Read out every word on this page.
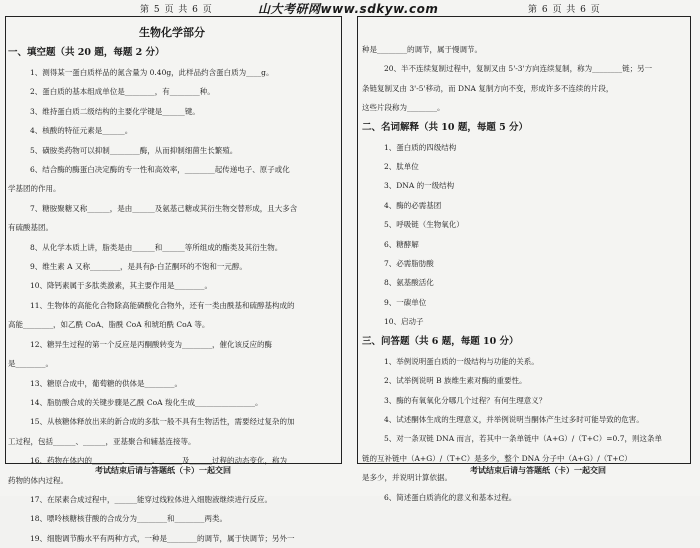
第 5 页 共 6 页	山大考研网www.sdkyw.com	第 6 页 共 6 页
生物化学部分
一、填空题（共 20 题，每题 2 分）
1、测得某一蛋白质样品的氮含量为 0.40g，此样品约含蛋白质为____g。
2、蛋白质的基本组成单位是________，有________种。
3、维持蛋白质二级结构的主要化学键是______键。
4、核酸的特征元素是______。
5、磺胺类药物可以抑制________酶，从而抑制细菌生长繁殖。
6、结合酶的酶蛋白决定酶的专一性和高效率，________起传递电子、原子或化
学基团的作用。
7、糖胺聚糖又称______，是由______及氨基己糖或其衍生物交替形成，且大多含
有硫酸基团。
8、从化学本质上讲，脂类是由______和______等所组成的酯类及其衍生物。
9、维生素 A 又称________，是具有β-白芷酮环的不饱和一元醇。
10、降钙素属于多肽类激素，其主要作用是________。
11、生物体的高能化合物除高能磷酸化合物外，还有一类由酰基和硫醇基构成的
高能________，如乙酰 CoA、脂酰 CoA 和琥珀酰 CoA 等。
12、糖异生过程的第一个反应是丙酮酸转变为________，催化该反应的酶
是________。
13、糖原合成中，葡萄糖的供体是________。
14、脂肪酸合成的关键步骤是乙酰 CoA 羧化生成________________。
15、从核糖体释放出来的新合成的多肽一般不具有生物活性，需要经过复杂的加
工过程，包括______、______，亚基聚合和辅基连接等。
16、药物在体内的________、______、______及______过程的动态变化，称为
药物的体内过程。
17、在尿素合成过程中，______能穿过线粒体进入细胞液继续进行反应。
18、嘌呤核糖核苷酸的合成分为________和________两类。
19、细胞调节酶水平有两种方式，一种是________的调节，属于快调节；另外一
种是________的调节，属于慢调节。
20、半不连续复制过程中，复制叉由 5'-3'方向连续复制，称为________链；另一
条链复制叉由 3'-5'移动，而 DNA 复制方向不变，形成许多不连续的片段，
这些片段称为________。
二、名词解释（共 10 题，每题 5 分）
1、蛋白质的四级结构
2、肽单位
3、DNA 的一级结构
4、酶的必需基团
5、呼吸链（生物氧化）
6、糖酵解
7、必需脂肪酸
8、氨基酸活化
9、一碳单位
10、启动子
三、问答题（共 6 题，每题 10 分）
1、举例说明蛋白质的一级结构与功能的关系。
2、试举例说明 B 族维生素对酶的重要性。
3、酶的有氧氧化分哪几个过程？有何生理意义？
4、试述酮体生成的生理意义，并举例说明当酮体产生过多时可能导致的危害。
5、对一条双链 DNA 而言，若其中一条单链中（A+G）/（T+C）=0.7，则这条单
链的互补链中（A+G）/（T+C）是多少，整个 DNA 分子中（A+G）/（T+C）
是多少，并说明计算依据。
6、简述蛋白质消化的意义和基本过程。
考试结束后请与答题纸（卡）一起交回	考试结束后请与答题纸（卡）一起交回
